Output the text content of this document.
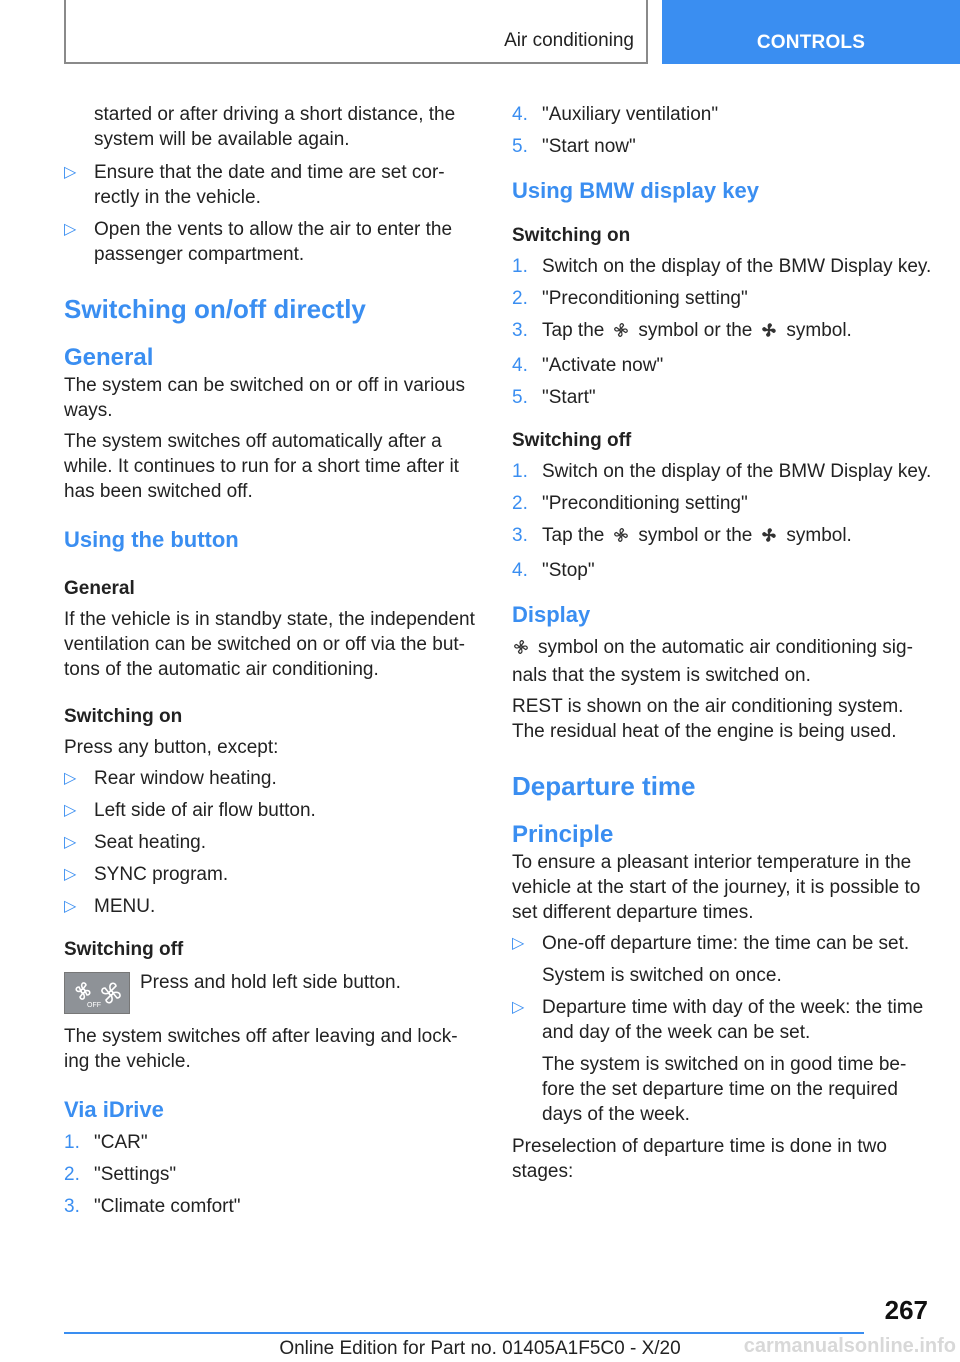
Air conditioning	CONTROLS

started or after driving a short distance, the system will be available again.

▷ Ensure that the date and time are set cor‐rectly in the vehicle.
▷ Open the vents to allow the air to enter the passenger compartment.
Switching on/off directly
General

The system can be switched on or off in various ways.

The system switches off automatically after a while. It continues to run for a short time after it has been switched off.

Using the button
General

If the vehicle is in standby state, the independent ventilation can be switched on or off via the but‐tons of the automatic air conditioning.

Switching on

Press any button, except:

▷ Rear window heating.
▷ Left side of air flow button.
▷ Seat heating.
▷ SYNC program.
▷ MENU.
Switching off
OFF
Press and hold left side button.

The system switches off after leaving and lock‐ing the vehicle.

Via iDrive
1. "CAR"
2. "Settings"
3. "Climate comfort"
4. "Auxiliary ventilation"
5. "Start now"
Using BMW display key
Switching on
1. Switch on the display of the BMW Display key.
2. "Preconditioning setting"
3. Tap the symbol or the symbol.
4. "Activate now"
5. "Start"
Switching off
1. Switch on the display of the BMW Display key.
2. "Preconditioning setting"
3. Tap the symbol or the symbol.
4. "Stop"
Display

symbol on the automatic air conditioning sig‐nals that the system is switched on.

REST is shown on the air conditioning system. The residual heat of the engine is being used.

Departure time
Principle

To ensure a pleasant interior temperature in the vehicle at the start of the journey, it is possible to set different departure times.

▷ One-off departure time: the time can be set.
System is switched on once.
▷ Departure time with day of the week: the time and day of the week can be set.
The system is switched on in good time be‐fore the set departure time on the required days of the week.

Preselection of departure time is done in two stages:

267
Online Edition for Part no. 01405A1F5C0 - X/20	carmanualsonline.info
